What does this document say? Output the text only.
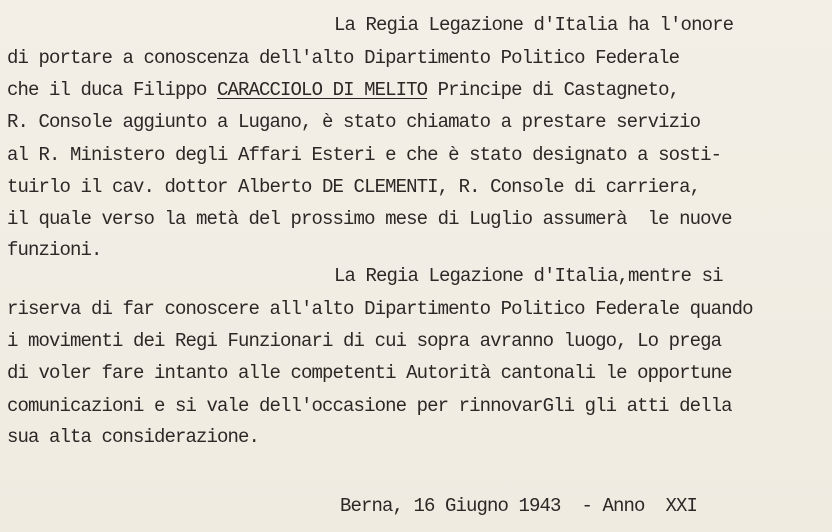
La Regia Legazione d'Italia ha l'onore
di portare a conoscenza dell'alto Dipartimento Politico Federale
che il duca Filippo CARACCIOLO DI MELITO Principe di Castagneto,
R. Console aggiunto a Lugano, è stato chiamato a prestare servizio
al R. Ministero degli Affari Esteri e che è stato designato a sosti-
tuirlo il cav. dottor Alberto DE CLEMENTI, R. Console di carriera,
il quale verso la metà del prossimo mese di Luglio assumerà  le nuove
funzioni.
La Regia Legazione d'Italia,mentre si
riserva di far conoscere all'alto Dipartimento Politico Federale quando
i movimenti dei Regi Funzionari di cui sopra avranno luogo, Lo prega
di voler fare intanto alle competenti Autorità cantonali le opportune
comunicazioni e si vale dell'occasione per rinnovarGli gli atti della
sua alta considerazione.
Berna, 16 Giugno 1943  - Anno  XXI
